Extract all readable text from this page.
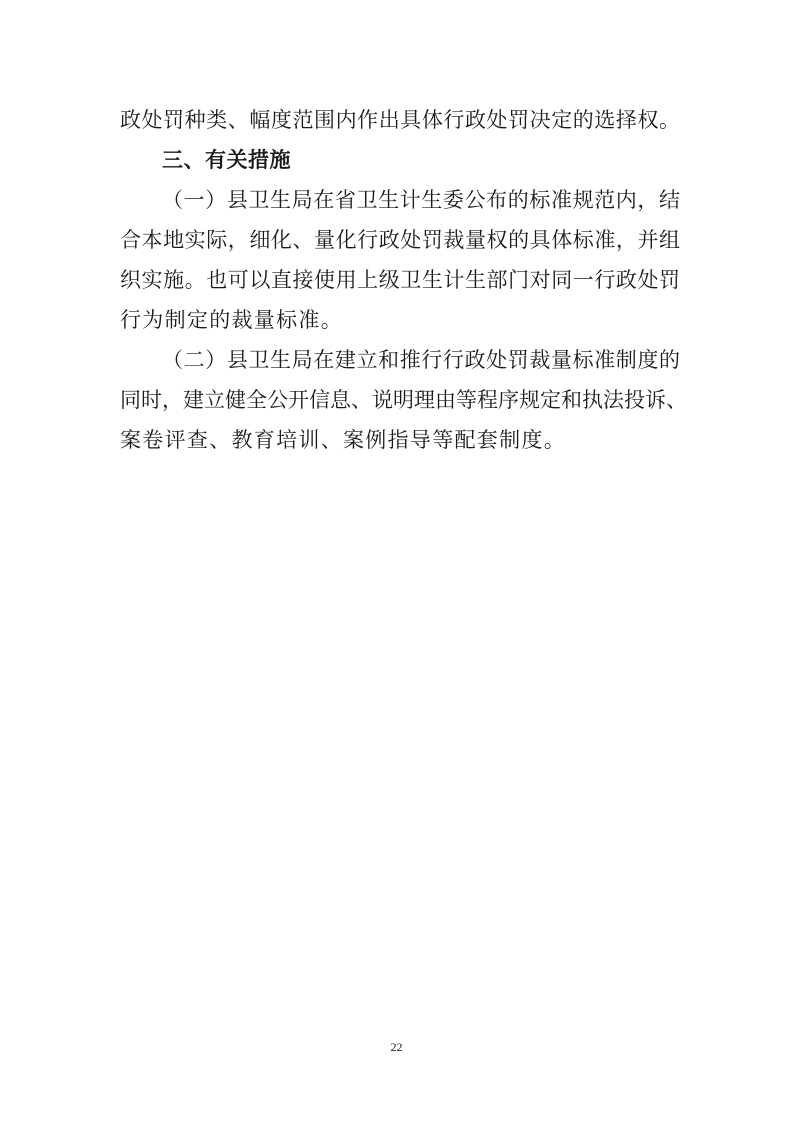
政处罚种类、幅度范围内作出具体行政处罚决定的选择权。
三、有关措施
（一）县卫生局在省卫生计生委公布的标准规范内，结
合本地实际，细化、量化行政处罚裁量权的具体标准，并组
织实施。也可以直接使用上级卫生计生部门对同一行政处罚
行为制定的裁量标准。
（二）县卫生局在建立和推行行政处罚裁量标准制度的
同时，建立健全公开信息、说明理由等程序规定和执法投诉、
案卷评查、教育培训、案例指导等配套制度。
22
